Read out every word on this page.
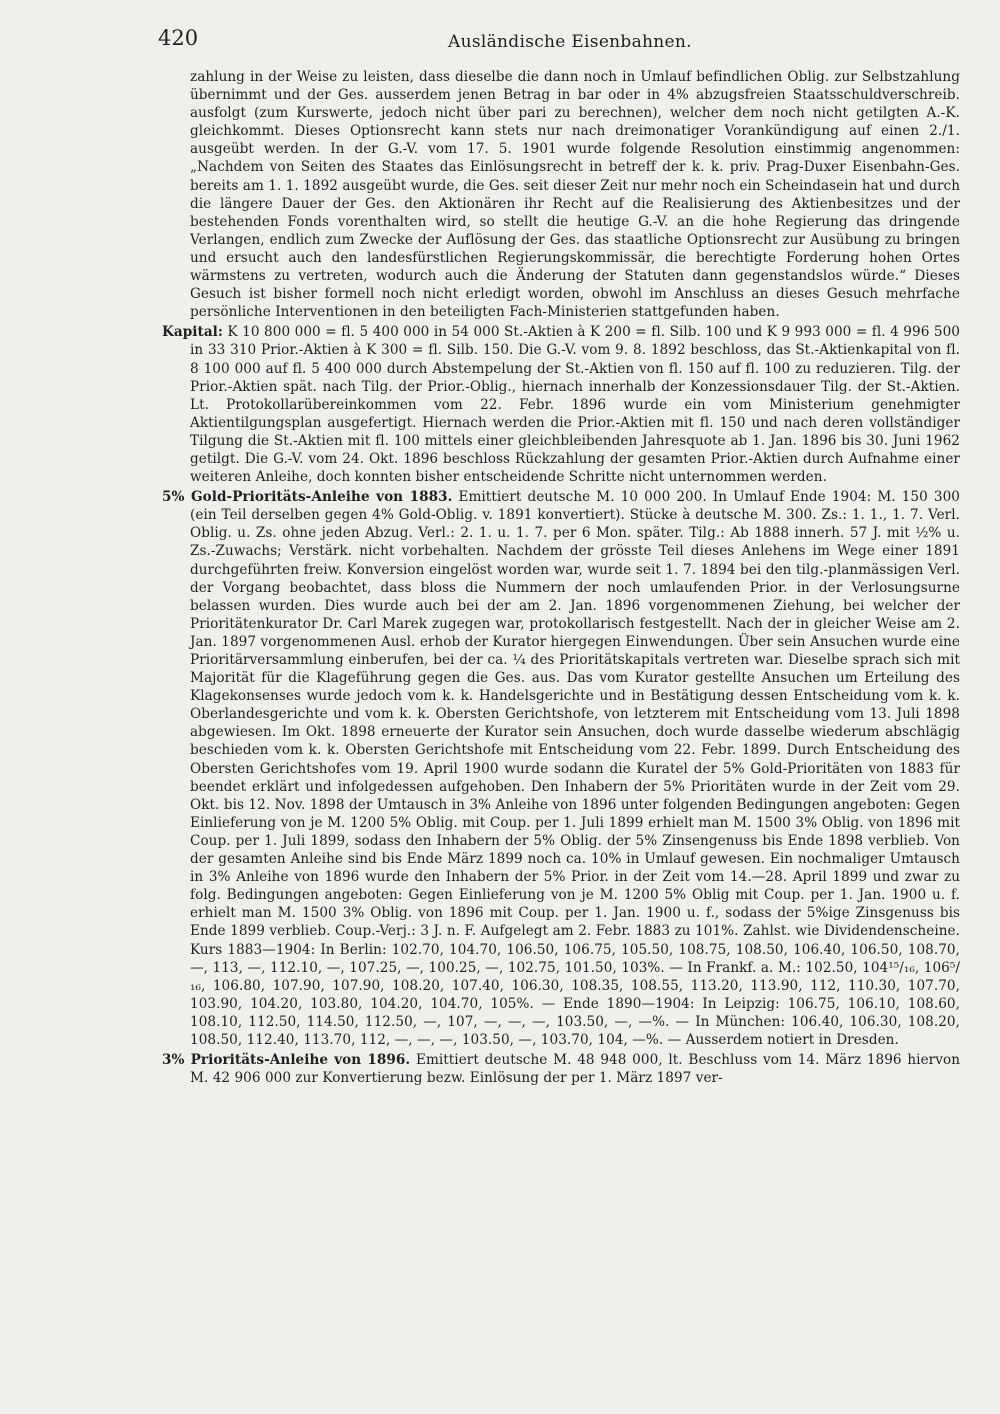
420	Ausländische Eisenbahnen.

zahlung in der Weise zu leisten, dass dieselbe die dann noch in Umlauf befindlichen Oblig. zur Selbstzahlung übernimmt und der Ges. ausserdem jenen Betrag in bar oder in 4% abzugsfreien Staatsschuldverschreib. ausfolgt (zum Kurswerte, jedoch nicht über pari zu berechnen), welcher dem noch nicht getilgten A.-K. gleichkommt. Dieses Optionsrecht kann stets nur nach dreimonatiger Vorankündigung auf einen 2./1. ausgeübt werden. In der G.-V. vom 17. 5. 1901 wurde folgende Resolution einstimmig angenommen: „Nachdem von Seiten des Staates das Einlösungsrecht in betreff der k. k. priv. Prag-Duxer Eisenbahn-Ges. bereits am 1. 1. 1892 ausgeübt wurde, die Ges. seit dieser Zeit nur mehr noch ein Scheindasein hat und durch die längere Dauer der Ges. den Aktionären ihr Recht auf die Realisierung des Aktienbesitzes und der bestehenden Fonds vorenthalten wird, so stellt die heutige G.-V. an die hohe Regierung das dringende Verlangen, endlich zum Zwecke der Auflösung der Ges. das staatliche Optionsrecht zur Ausübung zu bringen und ersucht auch den landesfürstlichen Regierungskommissär, die berechtigte Forderung hohen Ortes wärmstens zu vertreten, wodurch auch die Änderung der Statuten dann gegenstandslos würde.“ Dieses Gesuch ist bisher formell noch nicht erledigt worden, obwohl im Anschluss an dieses Gesuch mehrfache persönliche Interventionen in den beteiligten Fach-Ministerien stattgefunden haben.

Kapital: K 10 800 000 = fl. 5 400 000 in 54 000 St.-Aktien à K 200 = fl. Silb. 100 und K 9 993 000 = fl. 4 996 500 in 33 310 Prior.-Aktien à K 300 = fl. Silb. 150. Die G.-V. vom 9. 8. 1892 beschloss, das St.-Aktienkapital von fl. 8 100 000 auf fl. 5 400 000 durch Abstempelung der St.-Aktien von fl. 150 auf fl. 100 zu reduzieren. Tilg. der Prior.-Aktien spät. nach Tilg. der Prior.-Oblig., hiernach innerhalb der Konzessionsdauer Tilg. der St.-Aktien. Lt. Protokollarübereinkommen vom 22. Febr. 1896 wurde ein vom Ministerium genehmigter Aktientilgungsplan ausgefertigt. Hiernach werden die Prior.-Aktien mit fl. 150 und nach deren vollständiger Tilgung die St.-Aktien mit fl. 100 mittels einer gleichbleibenden Jahresquote ab 1. Jan. 1896 bis 30. Juni 1962 getilgt. Die G.-V. vom 24. Okt. 1896 beschloss Rückzahlung der gesamten Prior.-Aktien durch Aufnahme einer weiteren Anleihe, doch konnten bisher entscheidende Schritte nicht unternommen werden.

5% Gold-Prioritäts-Anleihe von 1883. Emittiert deutsche M. 10 000 200. In Umlauf Ende 1904: M. 150 300 (ein Teil derselben gegen 4% Gold-Oblig. v. 1891 konvertiert). Stücke à deutsche M. 300. Zs.: 1. 1., 1. 7. Verl. Oblig. u. Zs. ohne jeden Abzug. Verl.: 2. 1. u. 1. 7. per 6 Mon. später. Tilg.: Ab 1888 innerh. 57 J. mit ½% u. Zs.-Zuwachs; Verstärk. nicht vorbehalten. Nachdem der grösste Teil dieses Anlehens im Wege einer 1891 durchgeführten freiw. Konversion eingelöst worden war, wurde seit 1. 7. 1894 bei den tilg.-planmässigen Verl. der Vorgang beobachtet, dass bloss die Nummern der noch umlaufenden Prior. in der Verlosungsurne belassen wurden. Dies wurde auch bei der am 2. Jan. 1896 vorgenommenen Ziehung, bei welcher der Prioritätenkurator Dr. Carl Marek zugegen war, protokollarisch festgestellt. Nach der in gleicher Weise am 2. Jan. 1897 vorgenommenen Ausl. erhob der Kurator hiergegen Einwendungen. Über sein Ansuchen wurde eine Prioritärversammlung einberufen, bei der ca. ¼ des Prioritätskapitals vertreten war. Dieselbe sprach sich mit Majorität für die Klageführung gegen die Ges. aus. Das vom Kurator gestellte Ansuchen um Erteilung des Klagekonsenses wurde jedoch vom k. k. Handelsgerichte und in Bestätigung dessen Entscheidung vom k. k. Oberlandesgerichte und vom k. k. Obersten Gerichtshofe, von letzterem mit Entscheidung vom 13. Juli 1898 abgewiesen. Im Okt. 1898 erneuerte der Kurator sein Ansuchen, doch wurde dasselbe wiederum abschlägig beschieden vom k. k. Obersten Gerichtshofe mit Entscheidung vom 22. Febr. 1899. Durch Entscheidung des Obersten Gerichtshofes vom 19. April 1900 wurde sodann die Kuratel der 5% Gold-Prioritäten von 1883 für beendet erklärt und infolgedessen aufgehoben. Den Inhabern der 5% Prioritäten wurde in der Zeit vom 29. Okt. bis 12. Nov. 1898 der Umtausch in 3% Anleihe von 1896 unter folgenden Bedingungen angeboten: Gegen Einlieferung von je M. 1200 5% Oblig. mit Coup. per 1. Juli 1899 erhielt man M. 1500 3% Oblig. von 1896 mit Coup. per 1. Juli 1899, sodass den Inhabern der 5% Oblig. der 5% Zinsengenuss bis Ende 1898 verblieb. Von der gesamten Anleihe sind bis Ende März 1899 noch ca. 10% in Umlauf gewesen. Ein nochmaliger Umtausch in 3% Anleihe von 1896 wurde den Inhabern der 5% Prior. in der Zeit vom 14.—28. April 1899 und zwar zu folg. Bedingungen angeboten: Gegen Einlieferung von je M. 1200 5% Oblig mit Coup. per 1. Jan. 1900 u. f. erhielt man M. 1500 3% Oblig. von 1896 mit Coup. per 1. Jan. 1900 u. f., sodass der 5%ige Zinsgenuss bis Ende 1899 verblieb. Coup.-Verj.: 3 J. n. F. Aufgelegt am 2. Febr. 1883 zu 101%. Zahlst. wie Dividendenscheine. Kurs 1883—1904: In Berlin: 102.70, 104.70, 106.50, 106.75, 105.50, 108.75, 108.50, 106.40, 106.50, 108.70, —, 113, —, 112.10, —, 107.25, —, 100.25, —, 102.75, 101.50, 103%. — In Frankf. a. M.: 102.50, 104¹⁵/₁₆, 106⁵/₁₆, 106.80, 107.90, 107.90, 108.20, 107.40, 106.30, 108.35, 108.55, 113.20, 113.90, 112, 110.30, 107.70, 103.90, 104.20, 103.80, 104.20, 104.70, 105%. — Ende 1890—1904: In Leipzig: 106.75, 106.10, 108.60, 108.10, 112.50, 114.50, 112.50, —, 107, —, —, —, 103.50, —, —%. — In München: 106.40, 106.30, 108.20, 108.50, 112.40, 113.70, 112, —, —, —, 103.50, —, 103.70, 104, —%. — Ausserdem notiert in Dresden.

3% Prioritäts-Anleihe von 1896. Emittiert deutsche M. 48 948 000, lt. Beschluss vom 14. März 1896 hiervon M. 42 906 000 zur Konvertierung bezw. Einlösung der per 1. März 1897 ver-
